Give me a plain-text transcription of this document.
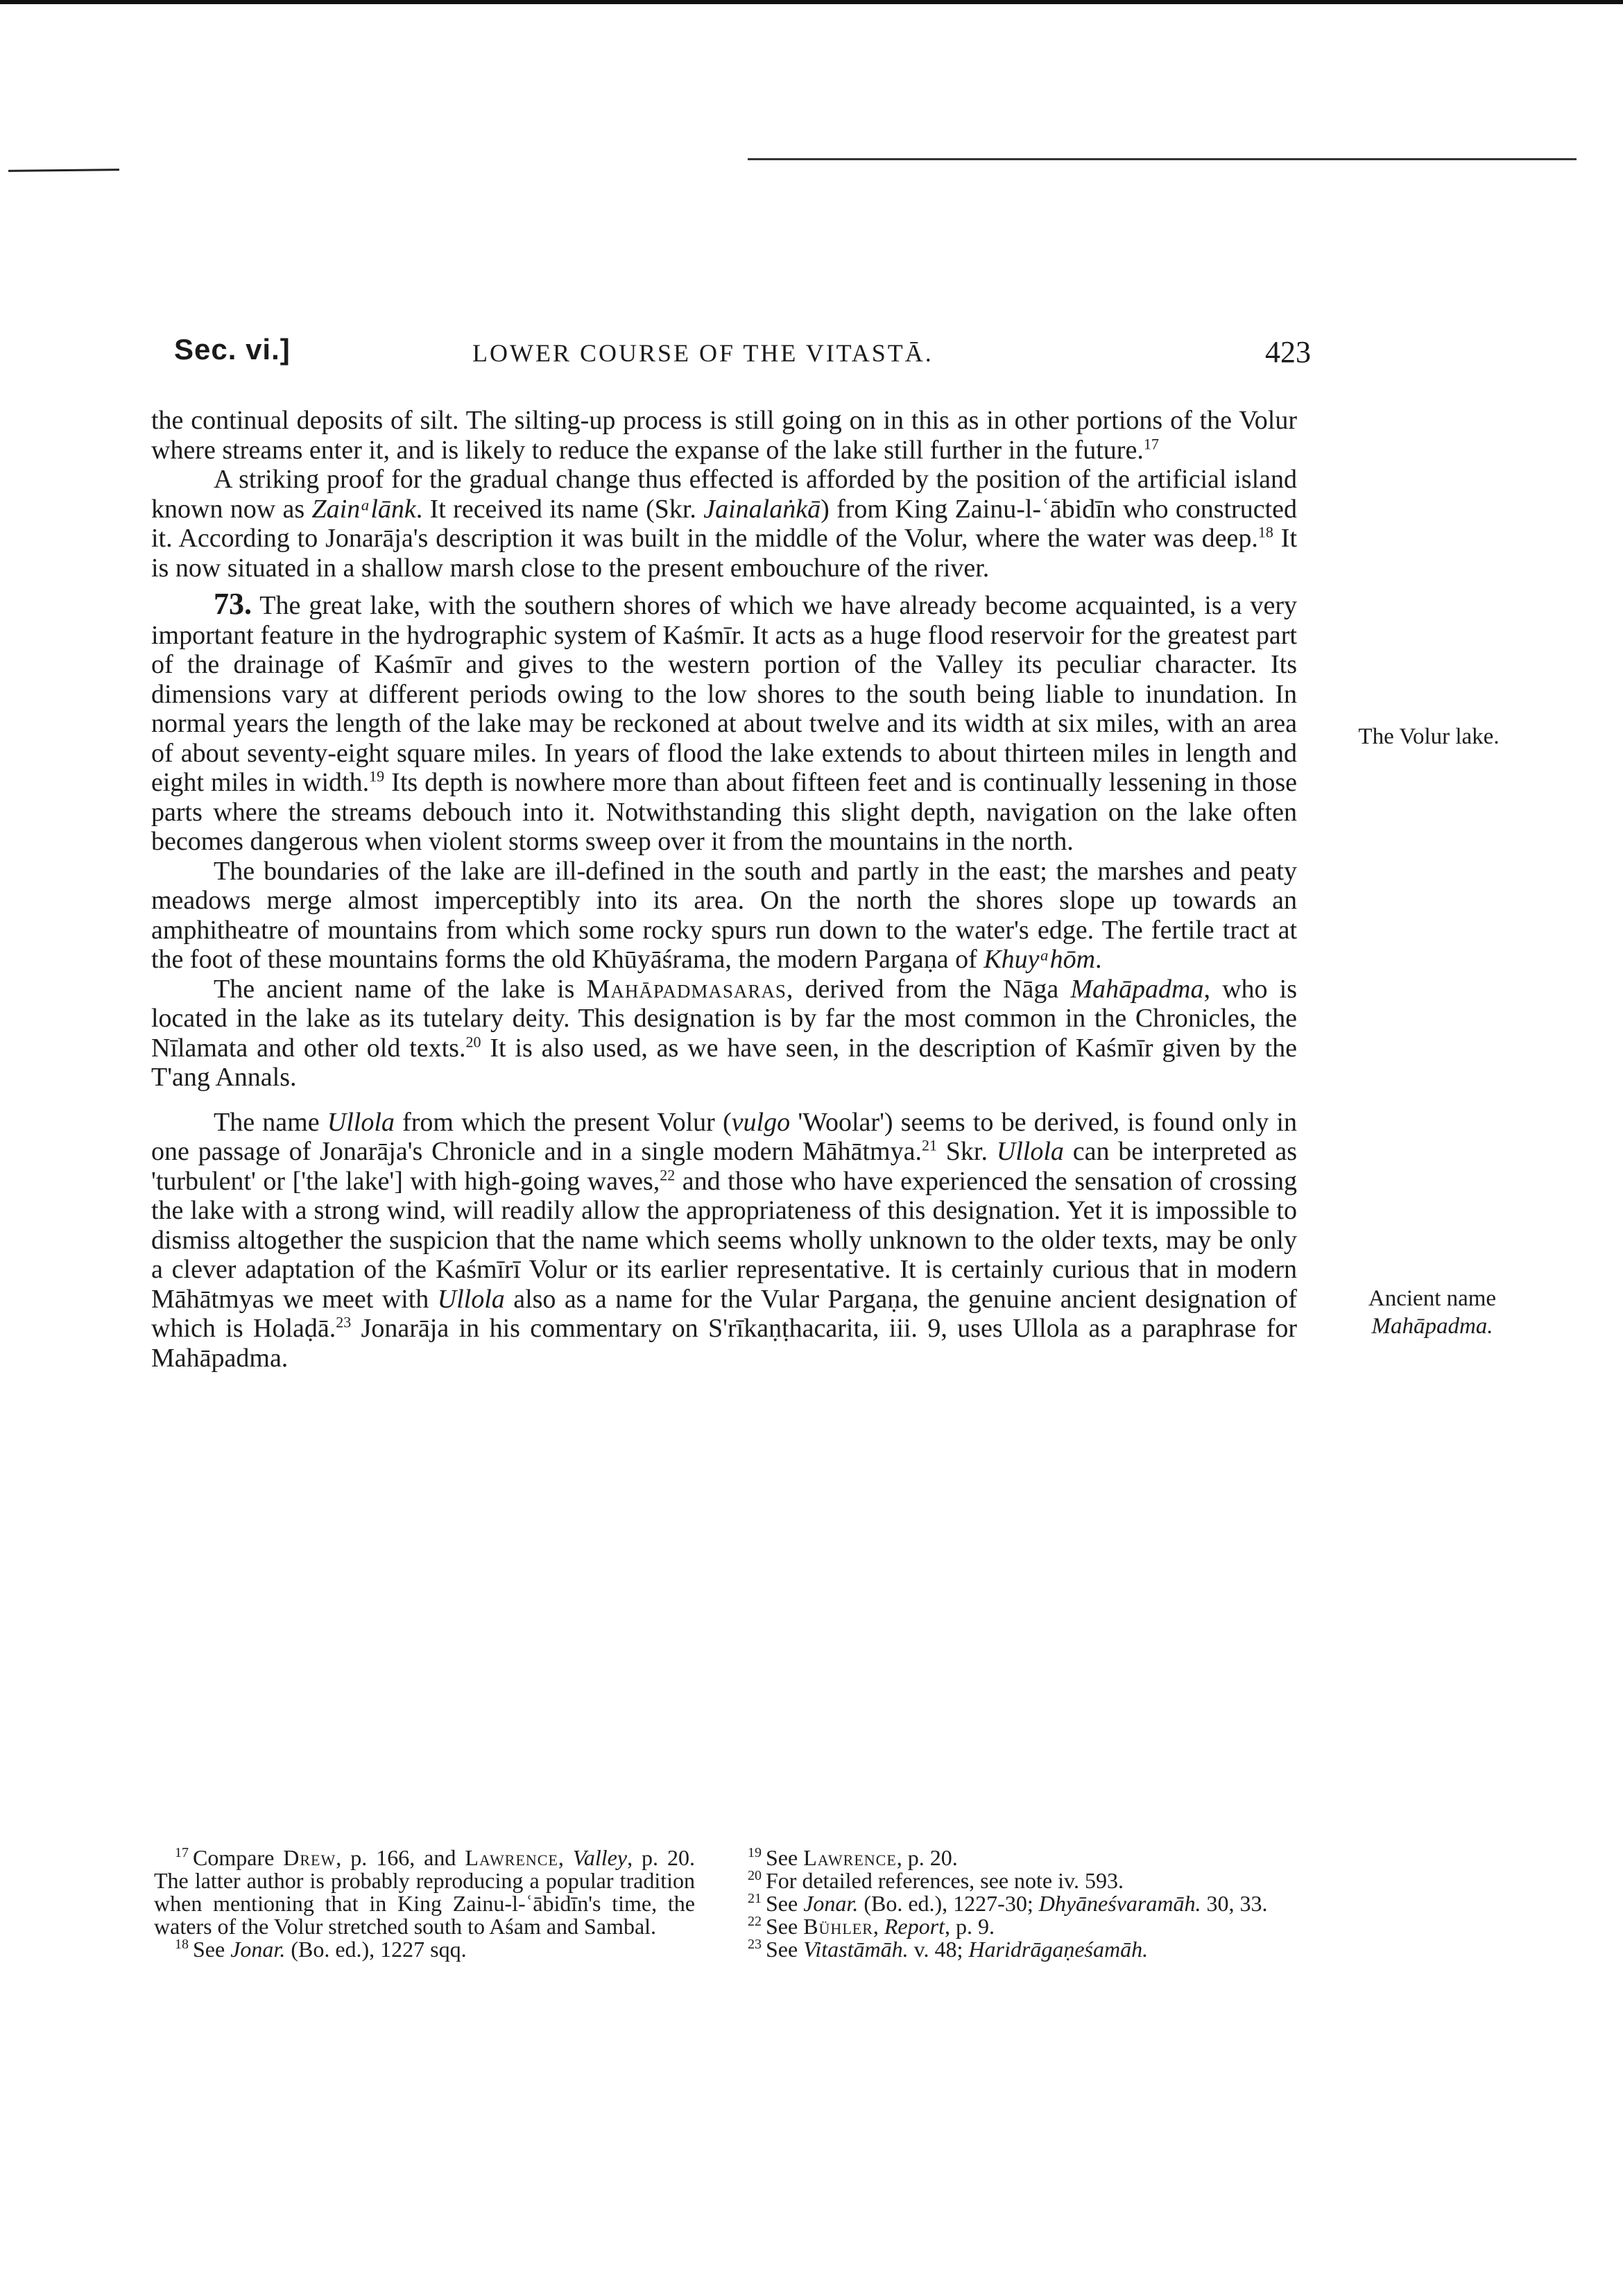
Sec. vi.]	LOWER COURSE OF THE VITASTĀ.	423

the continual deposits of silt. The silting-up process is still going on in this as in other portions of the Volur where streams enter it, and is likely to reduce the expanse of the lake still further in the future.$^{17}$

A striking proof for the gradual change thus effected is afforded by the position of the artificial island known now as Zainᵃlānk. It received its name (Skr. Jainalaṅkā) from King Zainu-l-ʿābidīn who constructed it. According to Jonarāja's description it was built in the middle of the Volur, where the water was deep.$^{18}$ It is now situated in a shallow marsh close to the present embouchure of the river.

73. The great lake, with the southern shores of which we have already become acquainted, is a very important feature in the hydrographic system of Kaśmīr. It acts as a huge flood reservoir for the greatest part of the drainage of Kaśmīr and gives to the western portion of the Valley its peculiar character. Its dimensions vary at different periods owing to the low shores to the south being liable to inundation. In normal years the length of the lake may be reckoned at about twelve and its width at six miles, with an area of about seventy-eight square miles. In years of flood the lake extends to about thirteen miles in length and eight miles in width.$^{19}$ Its depth is nowhere more than about fifteen feet and is continually lessening in those parts where the streams debouch into it. Notwithstanding this slight depth, navigation on the lake often becomes dangerous when violent storms sweep over it from the mountains in the north.

The boundaries of the lake are ill-defined in the south and partly in the east; the marshes and peaty meadows merge almost imperceptibly into its area. On the north the shores slope up towards an amphitheatre of mountains from which some rocky spurs run down to the water's edge. The fertile tract at the foot of these mountains forms the old Khūyāśrama, the modern Pargaṇa of Khuyᵃhōm.

The ancient name of the lake is Mahāpadmasaras, derived from the Nāga Mahāpadma, who is located in the lake as its tutelary deity. This designation is by far the most common in the Chronicles, the Nīlamata and other old texts.$^{20}$ It is also used, as we have seen, in the description of Kaśmīr given by the T'ang Annals.

The name Ullola from which the present Volur (vulgo 'Woolar') seems to be derived, is found only in one passage of Jonarāja's Chronicle and in a single modern Māhātmya.$^{21}$ Skr. Ullola can be interpreted as 'turbulent' or ['the lake'] with high-going waves,$^{22}$ and those who have experienced the sensation of crossing the lake with a strong wind, will readily allow the appropriateness of this designation. Yet it is impossible to dismiss altogether the suspicion that the name which seems wholly unknown to the older texts, may be only a clever adaptation of the Kaśmīrī Volur or its earlier representative. It is certainly curious that in modern Māhātmyas we meet with Ullola also as a name for the Vular Pargaṇa, the genuine ancient designation of which is Holaḍā.$^{23}$ Jonarāja in his commentary on S'rīkaṇṭhacarita, iii. 9, uses Ullola as a paraphrase for Mahāpadma.

The Volur lake.
Ancient name
Mahāpadma.

$^{17}$ Compare Drew, p. 166, and Lawrence, Valley, p. 20. The latter author is probably reproducing a popular tradition when mentioning that in King Zainu-l-ʿābidīn's time, the waters of the Volur stretched south to Aśam and Sambal.

$^{18}$ See Jonar. (Bo. ed.), 1227 sqq.

$^{19}$ See Lawrence, p. 20.

$^{20}$ For detailed references, see note iv. 593.

$^{21}$ See Jonar. (Bo. ed.), 1227-30; Dhyāneśvaramāh. 30, 33.

$^{22}$ See Bühler, Report, p. 9.

$^{23}$ See Vitastāmāh. v. 48; Haridrāgaṇeśamāh.
